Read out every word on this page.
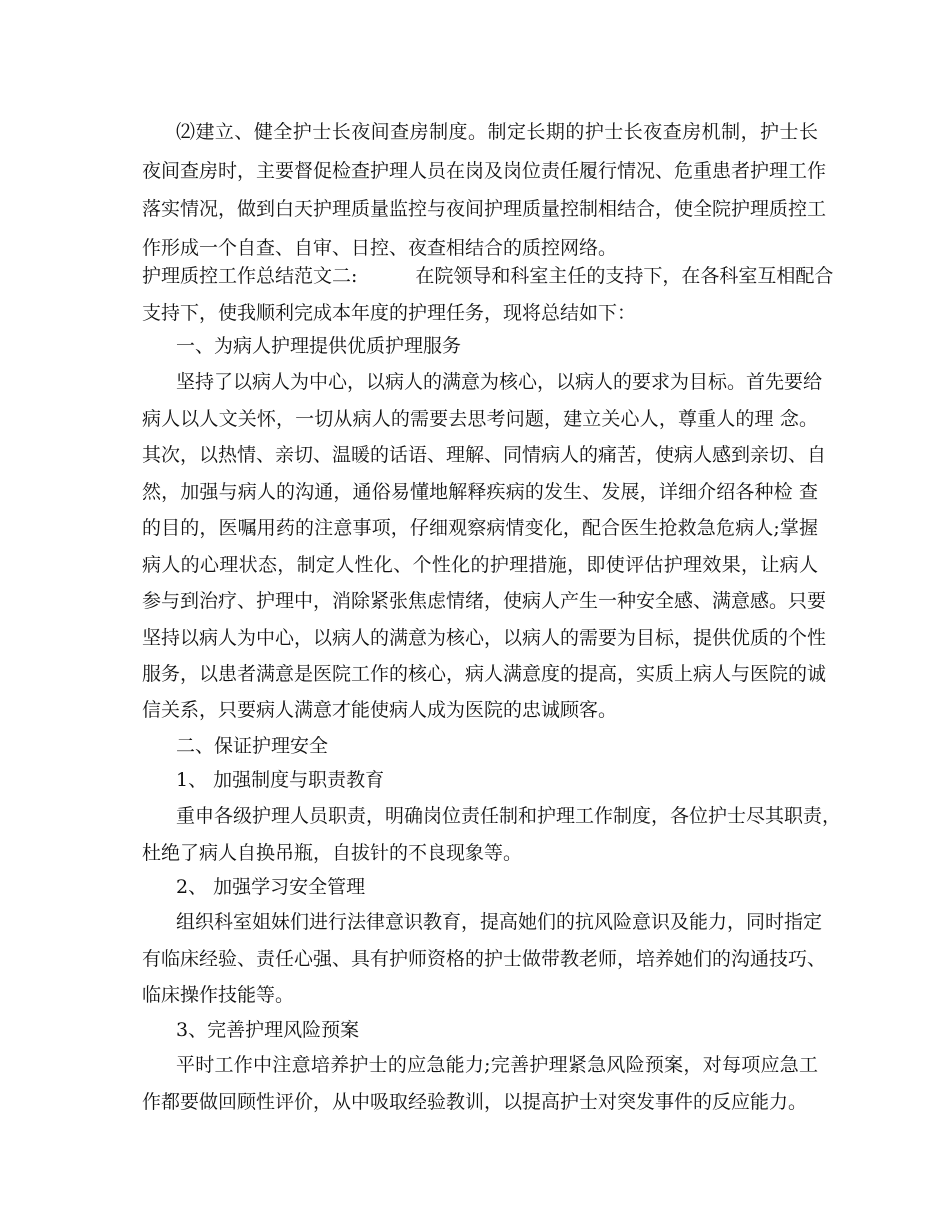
⑵建立、健全护士长夜间查房制度。制定长期的护士长夜查房机制，护士长
夜间查房时，主要督促检查护理人员在岗及岗位责任履行情况、危重患者护理工作
落实情况，做到白天护理质量监控与夜间护理质量控制相结合，使全院护理质控工
作形成一个自查、自审、日控、夜查相结合的质控网络。
护理质控工作总结范文二:	在院领导和科室主任的支持下，在各科室互相配合
支持下，使我顺利完成本年度的护理任务，现将总结如下：
一、为病人护理提供优质护理服务
坚持了以病人为中心，以病人的满意为核心，以病人的要求为目标。首先要给
病人以人文关怀，一切从病人的需要去思考问题，建立关心人，尊重人的理 念。
其次，以热情、亲切、温暖的话语、理解、同情病人的痛苦，使病人感到亲切、自
然，加强与病人的沟通，通俗易懂地解释疾病的发生、发展，详细介绍各种检 查
的目的，医嘱用药的注意事项，仔细观察病情变化，配合医生抢救急危病人;掌握
病人的心理状态，制定人性化、个性化的护理措施，即使评估护理效果，让病人
参与到治疗、护理中，消除紧张焦虑情绪，使病人产生一种安全感、满意感。只要
坚持以病人为中心，以病人的满意为核心，以病人的需要为目标，提供优质的个性
服务，以患者满意是医院工作的核心，病人满意度的提高，实质上病人与医院的诚
信关系，只要病人满意才能使病人成为医院的忠诚顾客。
二、保证护理安全
1、 加强制度与职责教育
重申各级护理人员职责，明确岗位责任制和护理工作制度，各位护士尽其职责，
杜绝了病人自换吊瓶，自拔针的不良现象等。
2、 加强学习安全管理
组织科室姐妹们进行法律意识教育，提高她们的抗风险意识及能力，同时指定
有临床经验、责任心强、具有护师资格的护士做带教老师，培养她们的沟通技巧、
临床操作技能等。
3、完善护理风险预案
平时工作中注意培养护士的应急能力;完善护理紧急风险预案，对每项应急工
作都要做回顾性评价，从中吸取经验教训，以提高护士对突发事件的反应能力。
